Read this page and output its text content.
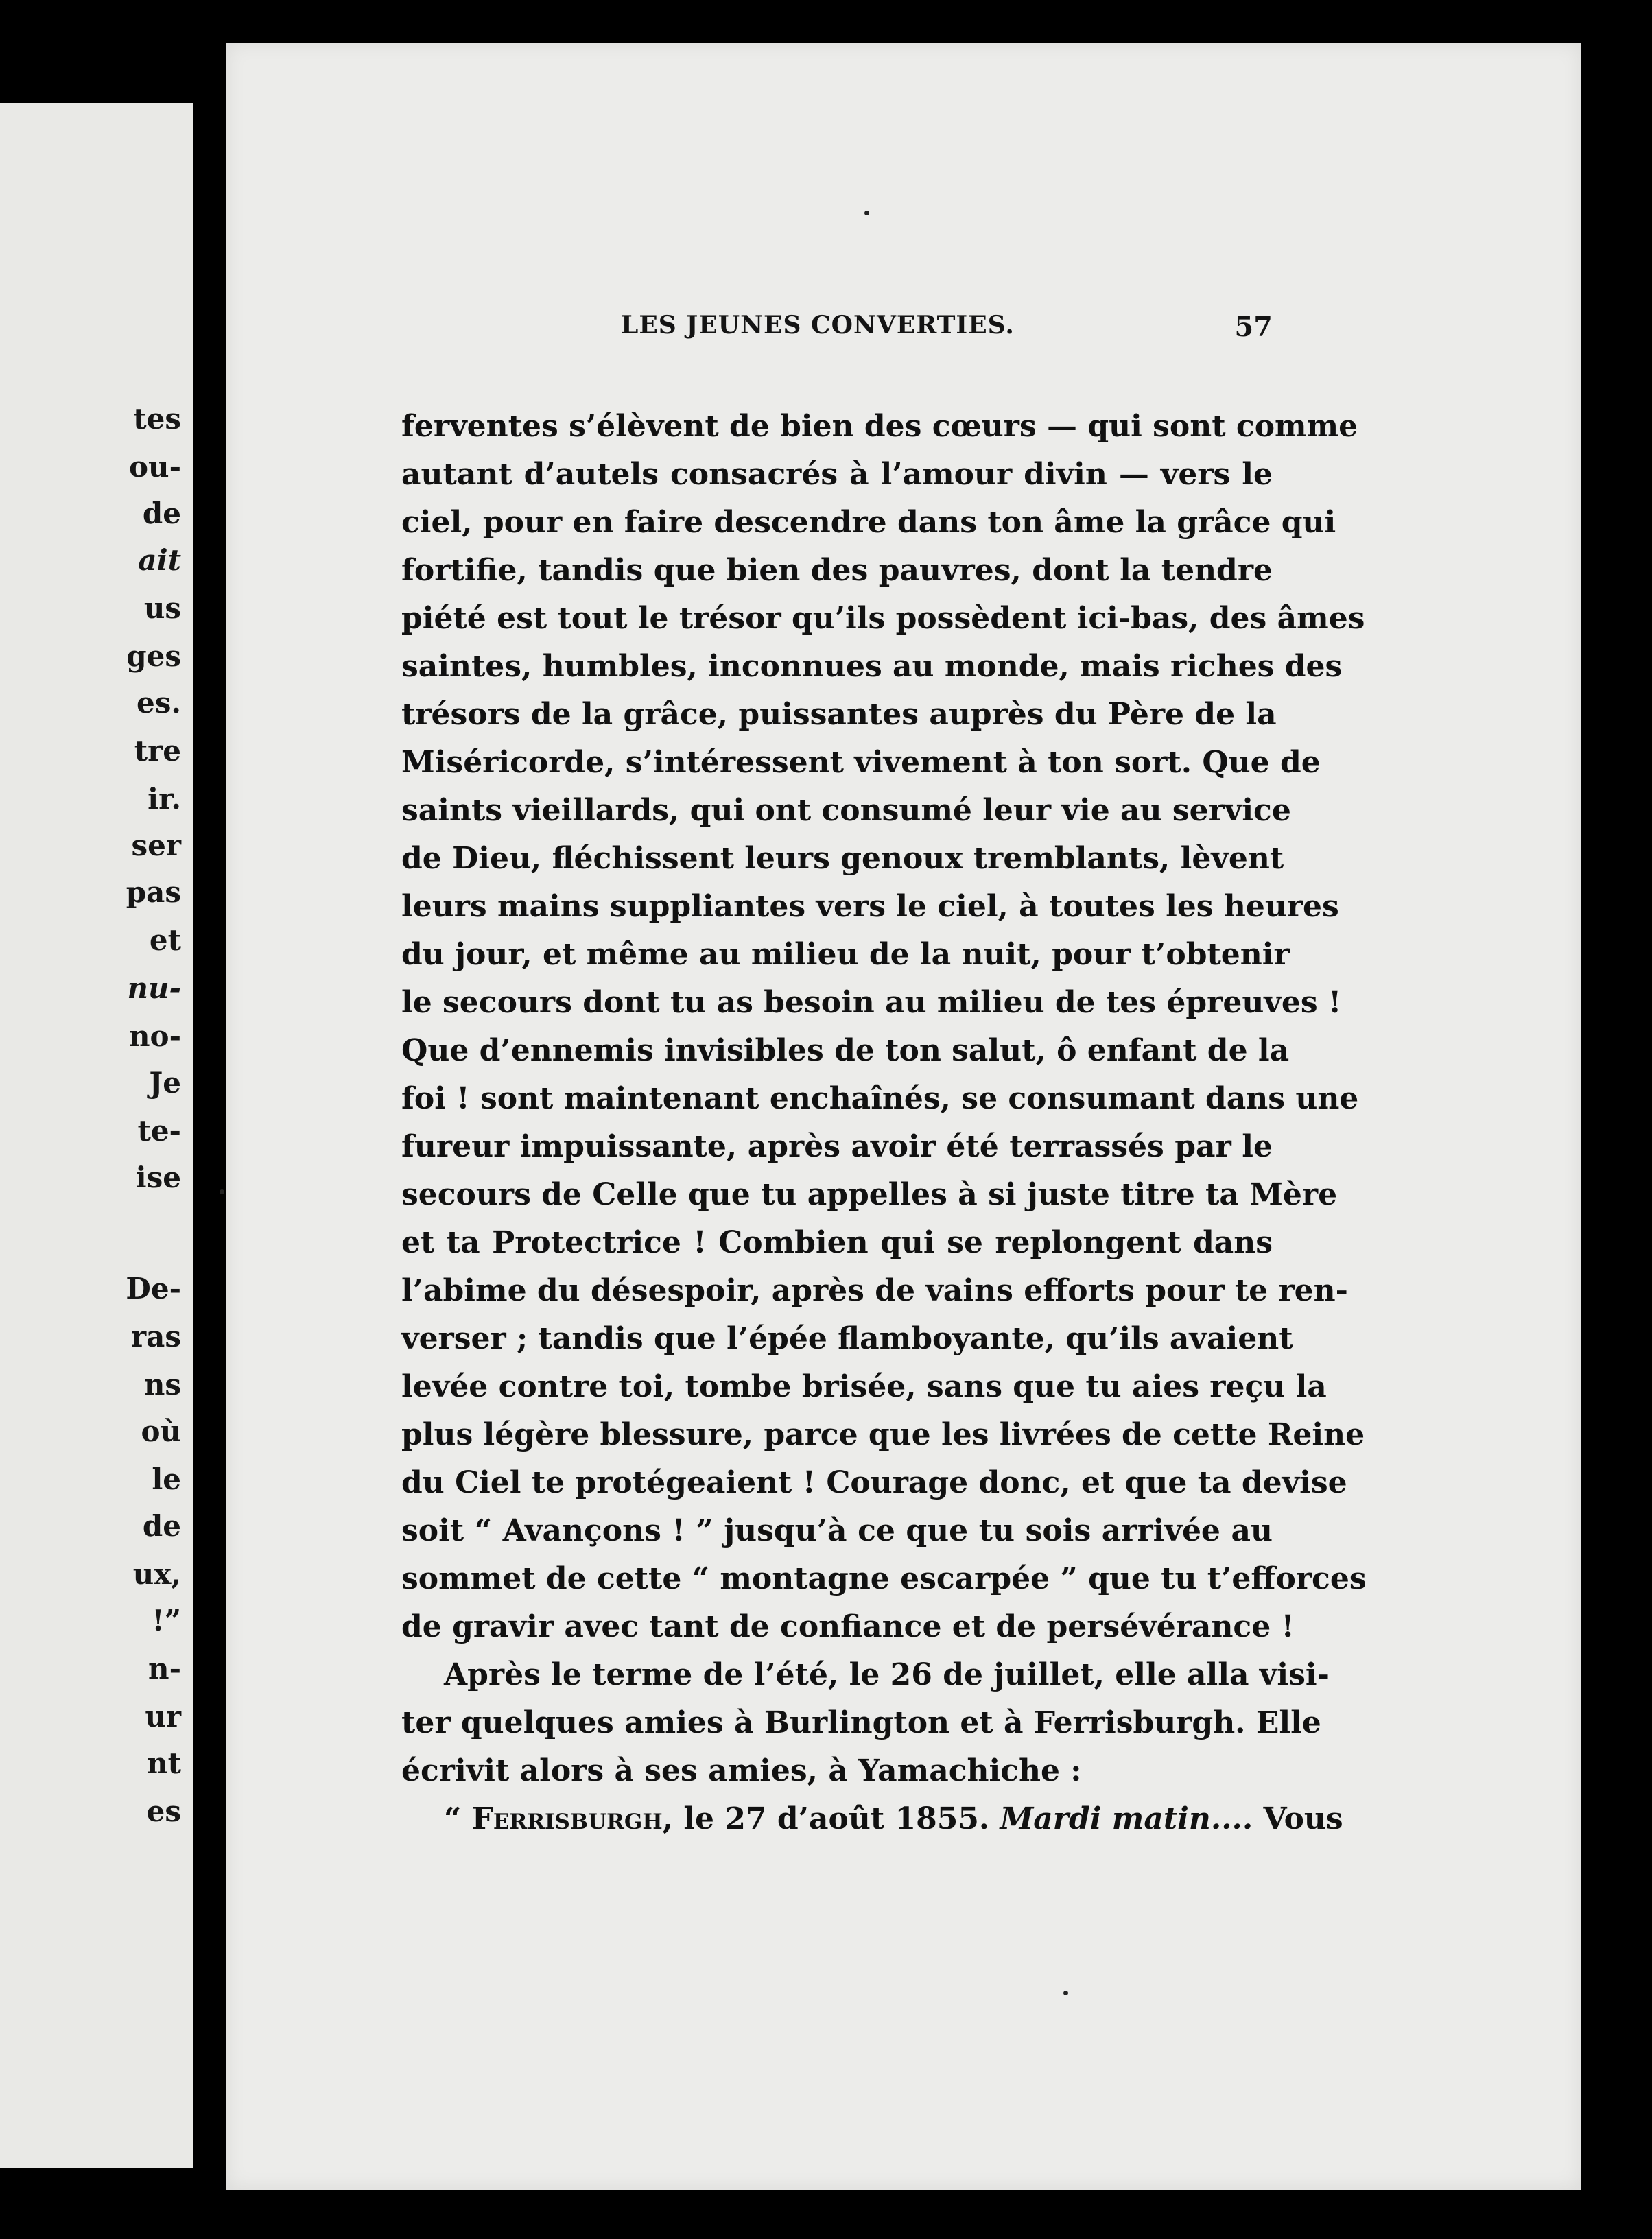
tes
ou-
de
ait
us
ges
es.
tre
ir.
ser
pas
et
nu-
no-
Je
te-
ise
De-
ras
ns
où
le
de
ux,
!”
n-
ur
nt
es
LES JEUNES CONVERTIES.	57
ferventes s’élèvent de bien des cœurs — qui sont comme
autant d’autels consacrés à l’amour divin — vers le
ciel, pour en faire descendre dans ton âme la grâce qui
fortifie, tandis que bien des pauvres, dont la tendre
piété est tout le trésor qu’ils possèdent ici-bas, des âmes
saintes, humbles, inconnues au monde, mais riches des
trésors de la grâce, puissantes auprès du Père de la
Miséricorde, s’intéressent vivement à ton sort. Que de
saints vieillards, qui ont consumé leur vie au service
de Dieu, fléchissent leurs genoux tremblants, lèvent
leurs mains suppliantes vers le ciel, à toutes les heures
du jour, et même au milieu de la nuit, pour t’obtenir
le secours dont tu as besoin au milieu de tes épreuves !
Que d’ennemis invisibles de ton salut, ô enfant de la
foi ! sont maintenant enchaînés, se consumant dans une
fureur impuissante, après avoir été terrassés par le
secours de Celle que tu appelles à si juste titre ta Mère
et ta Protectrice ! Combien qui se replongent dans
l’abime du désespoir, après de vains efforts pour te ren-
verser ; tandis que l’épée flamboyante, qu’ils avaient
levée contre toi, tombe brisée, sans que tu aies reçu la
plus légère blessure, parce que les livrées de cette Reine
du Ciel te protégeaient ! Courage donc, et que ta devise
soit “ Avançons ! ” jusqu’à ce que tu sois arrivée au
sommet de cette “ montagne escarpée ” que tu t’efforces
de gravir avec tant de confiance et de persévérance !
Après le terme de l’été, le 26 de juillet, elle alla visi-
ter quelques amies à Burlington et à Ferrisburgh. Elle
écrivit alors à ses amies, à Yamachiche :
“ Ferrisburgh, le 27 d’août 1855. Mardi matin.... Vous
